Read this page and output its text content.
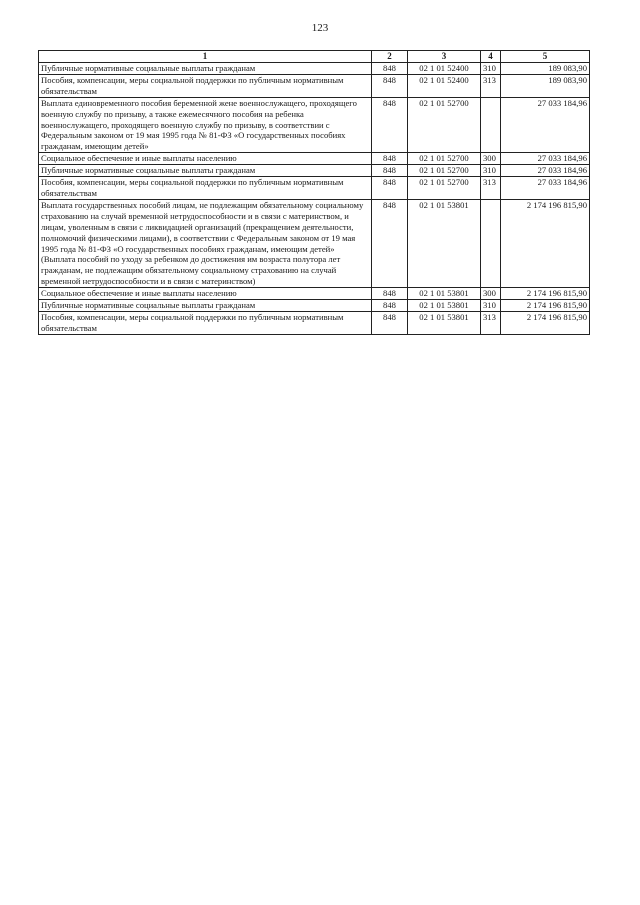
123
1	2	3	4	5
Публичные нормативные социальные выплаты гражданам	848	02 1 01 52400	310	189 083,90
Пособия, компенсации, меры социальной поддержки по публичным нормативным обязательствам	848	02 1 01 52400	313	189 083,90
Выплата единовременного пособия беременной жене военнослужащего, проходящего военную службу по призыву, а также ежемесячного пособия на ребенка военнослужащего, проходящего военную службу по призыву, в соответствии с Федеральным законом от 19 мая 1995 года № 81-ФЗ «О государственных пособиях гражданам, имеющим детей»	848	02 1 01 52700		27 033 184,96
Социальное обеспечение и иные выплаты населению	848	02 1 01 52700	300	27 033 184,96
Публичные нормативные социальные выплаты гражданам	848	02 1 01 52700	310	27 033 184,96
Пособия, компенсации, меры социальной поддержки по публичным нормативным обязательствам	848	02 1 01 52700	313	27 033 184,96
Выплата государственных пособий лицам, не подлежащим обязательному социальному страхованию на случай временной нетрудоспособности и в связи с материнством, и лицам, уволенным в связи с ликвидацией организаций (прекращением деятельности, полномочий физическими лицами), в соответствии с Федеральным законом от 19 мая 1995 года № 81-ФЗ «О государственных пособиях гражданам, имеющим детей» (Выплата пособий по уходу за ребенком до достижения им возраста полутора лет гражданам, не подлежащим обязательному социальному страхованию на случай временной нетрудоспособности и в связи с материнством)	848	02 1 01 53801		2 174 196 815,90
Социальное обеспечение и иные выплаты населению	848	02 1 01 53801	300	2 174 196 815,90
Публичные нормативные социальные выплаты гражданам	848	02 1 01 53801	310	2 174 196 815,90
Пособия, компенсации, меры социальной поддержки по публичным нормативным обязательствам	848	02 1 01 53801	313	2 174 196 815,90
